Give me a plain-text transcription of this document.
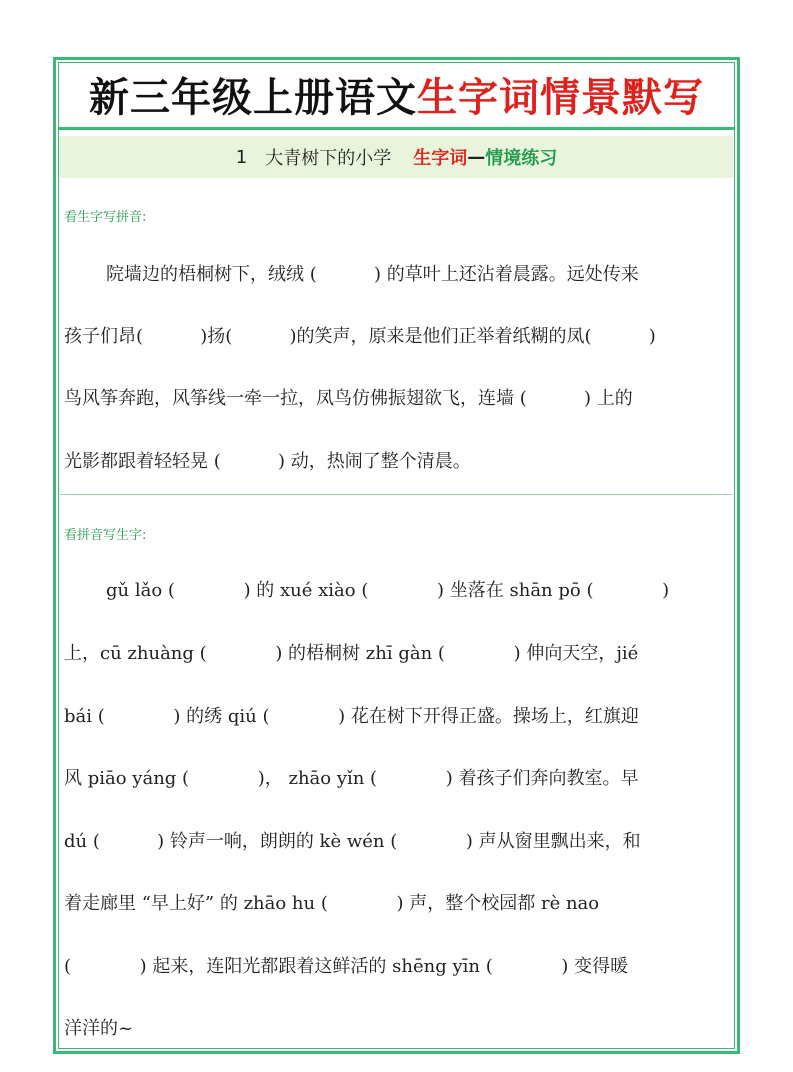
新三年级上册语文 生字词情景默写
1 大青树下的小学 生字词 — 情境练习
看生字写拼音:
院墙边的梧桐树下，绒绒 (          ) 的草叶上还沾着晨露。远处传来
孩子们昂(          )扬(          )的笑声，原来是他们正举着纸糊的凤(          )
鸟风筝奔跑，风筝线一牵一拉，凤鸟仿佛振翅欲飞，连墙 (          ) 上的
光影都跟着轻轻晃 (          ) 动，热闹了整个清晨。
看拼音写生字:
gǔ lǎo (            ) 的 xué xiào (            ) 坐落在 shān pō (            )
上，cū zhuàng (            ) 的梧桐树 zhī gàn (            ) 伸向天空，jié
bái (            ) 的绣 qiú (            ) 花在树下开得正盛。操场上，红旗迎
风 piāo yáng (            )， zhāo yǐn (            ) 着孩子们奔向教室。早
dú (          ) 铃声一响，朗朗的 kè wén (            ) 声从窗里飘出来，和
着走廊里 “早上好” 的 zhāo hu (            ) 声，整个校园都 rè nao
(            ) 起来，连阳光都跟着这鲜活的 shēng yīn (            ) 变得暖
洋洋的~
